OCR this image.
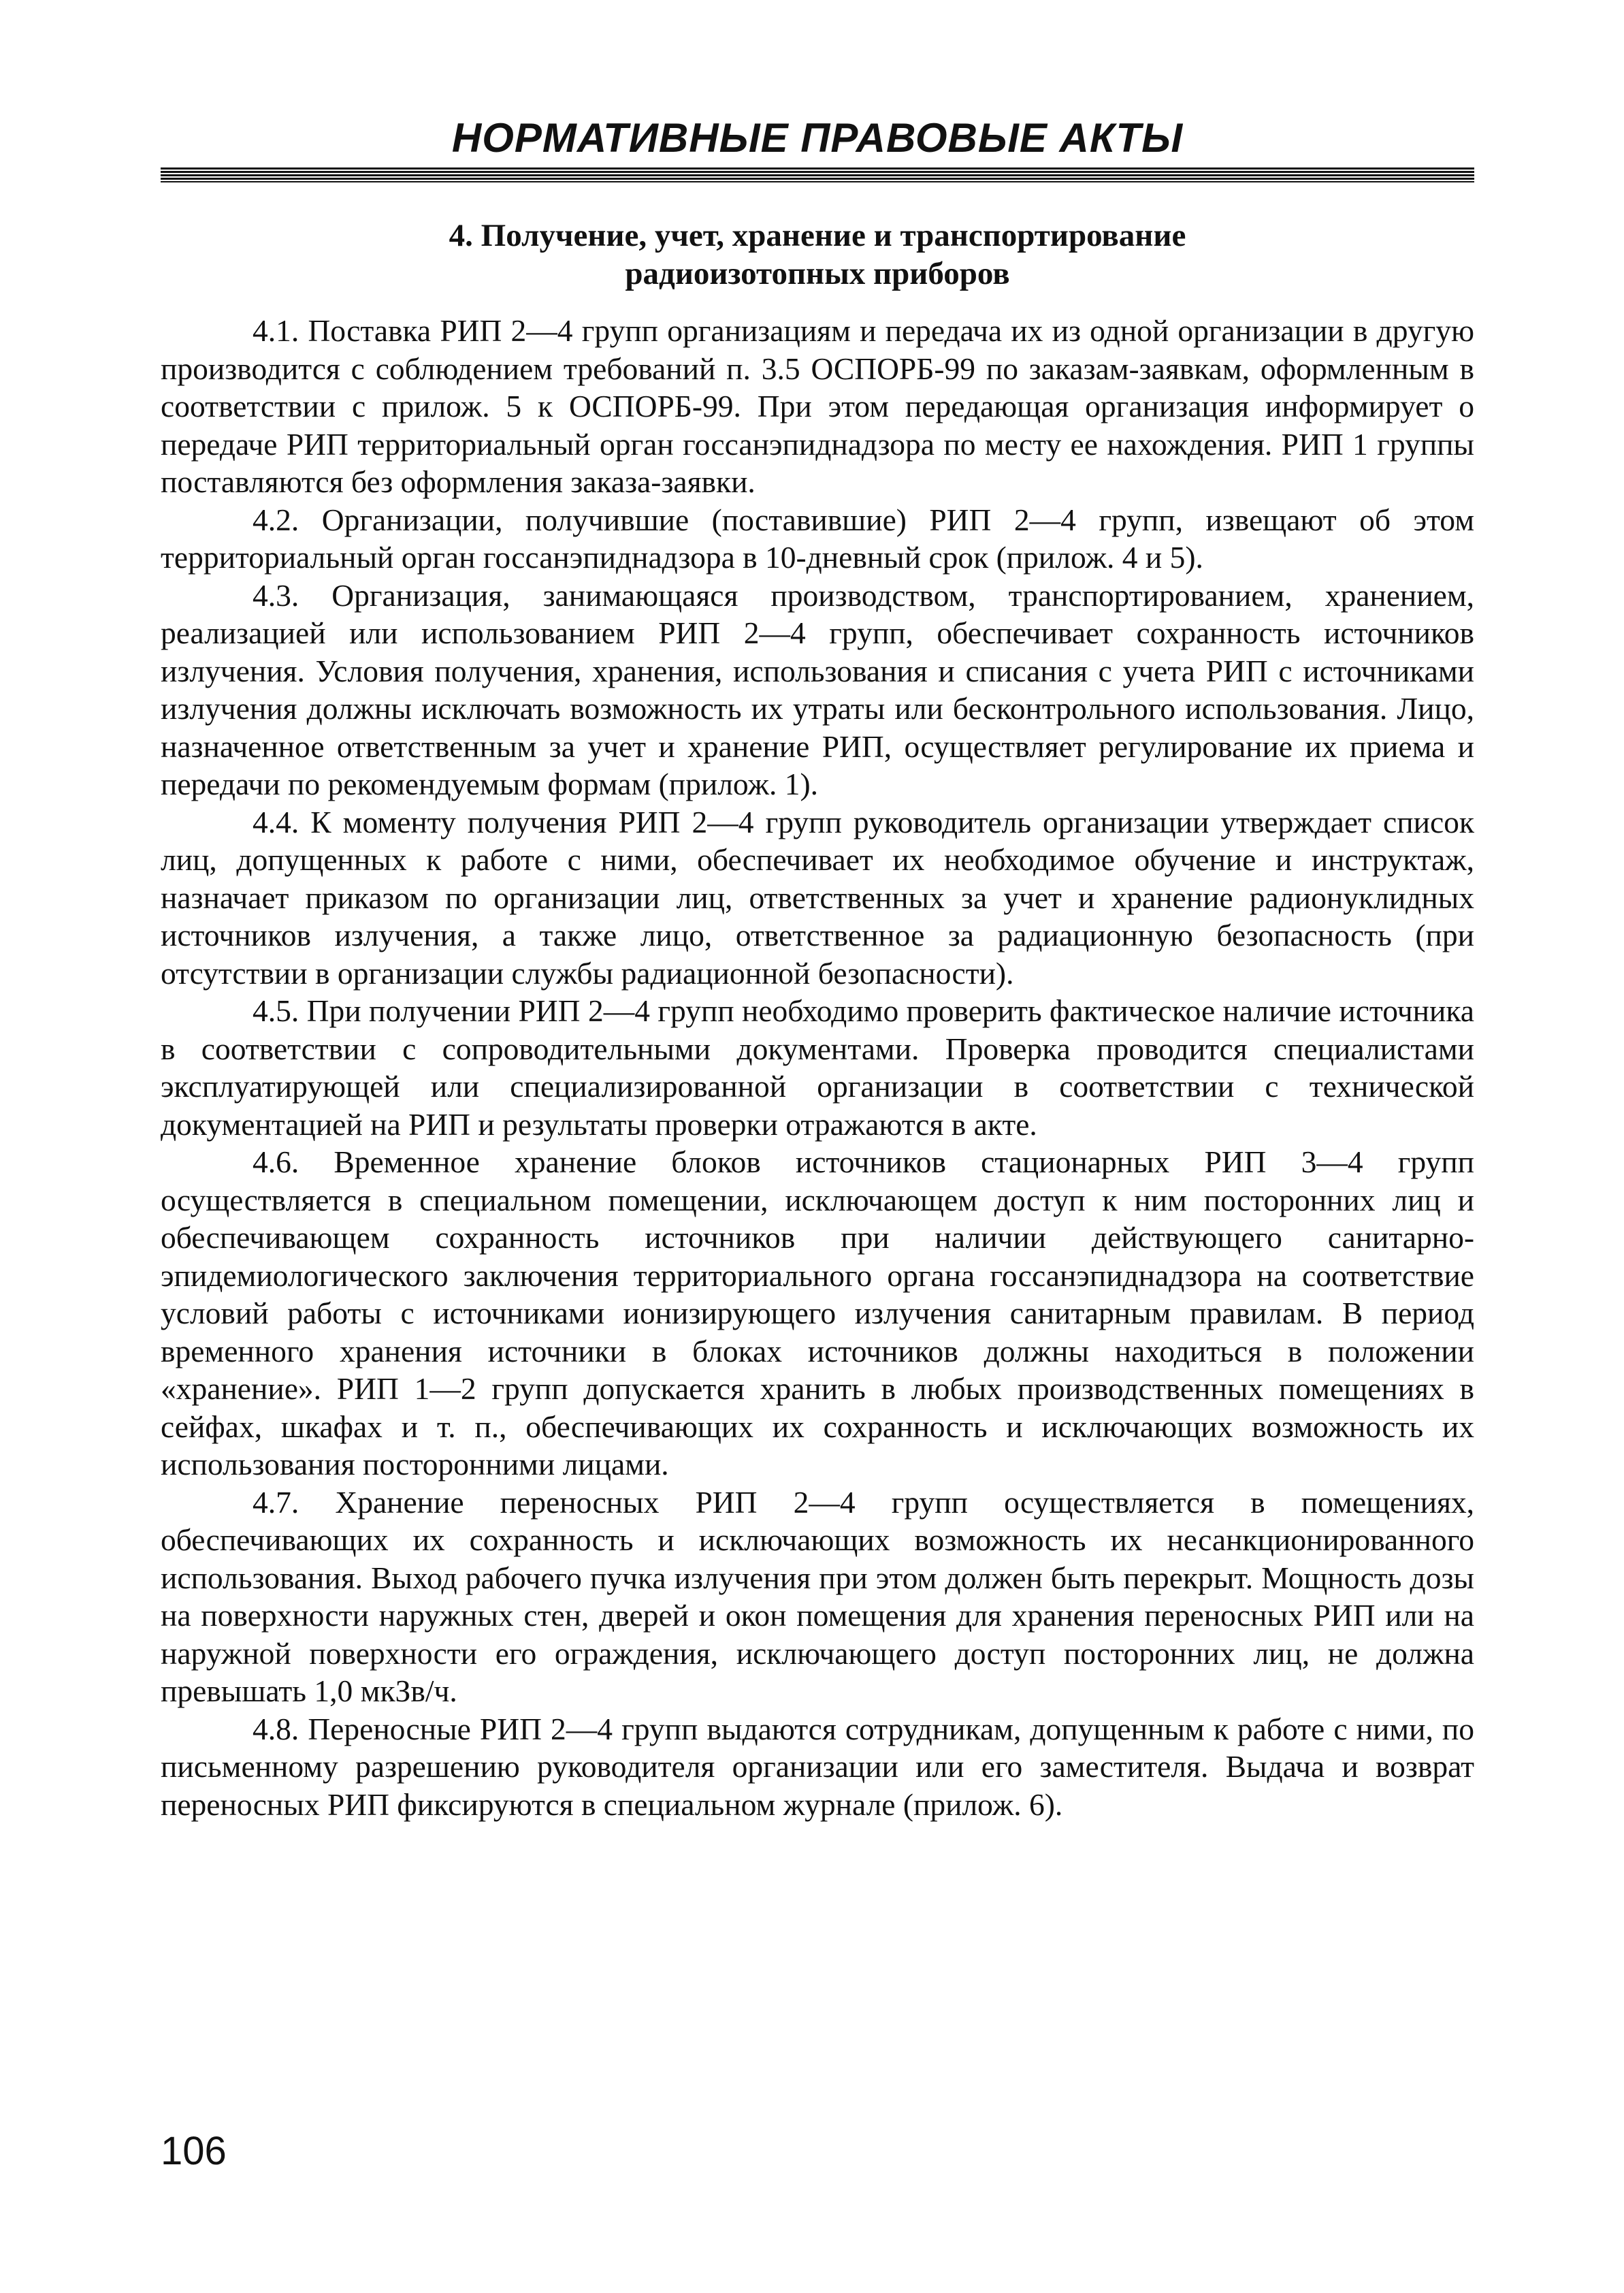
НОРМАТИВНЫЕ ПРАВОВЫЕ АКТЫ
4. Получение, учет, хранение и транспортирование
радиоизотопных приборов

4.1. Поставка РИП 2—4 групп организациям и передача их из одной организации в другую производится с соблюдением требований п. 3.5 ОСПОРБ-99 по заказам-заявкам, оформленным в соответствии с прилож. 5 к ОСПОРБ-99. При этом передающая организация информирует о передаче РИП территориальный орган госсанэпиднадзора по месту ее нахождения. РИП 1 группы поставляются без оформления заказа-заявки.

4.2. Организации, получившие (поставившие) РИП 2—4 групп, извещают об этом территориальный орган госсанэпиднадзора в 10-дневный срок (прилож. 4 и 5).

4.3. Организация, занимающаяся производством, транспортированием, хранением, реализацией или использованием РИП 2—4 групп, обеспечивает сохранность источников излучения. Условия получения, хранения, использования и списания с учета РИП с источниками излучения должны исключать возможность их утраты или бесконтрольного использования. Лицо, назначенное ответственным за учет и хранение РИП, осуществляет регулирование их приема и передачи по рекомендуемым формам (прилож. 1).

4.4. К моменту получения РИП 2—4 групп руководитель организации утверждает список лиц, допущенных к работе с ними, обеспечивает их необходимое обучение и инструктаж, назначает приказом по организации лиц, ответственных за учет и хранение радионуклидных источников излучения, а также лицо, ответственное за радиационную безопасность (при отсутствии в организации службы радиационной безопасности).

4.5. При получении РИП 2—4 групп необходимо проверить фактическое наличие источника в соответствии с сопроводительными документами. Проверка проводится специалистами эксплуатирующей или специализированной организации в соответствии с технической документацией на РИП и результаты проверки отражаются в акте.

4.6. Временное хранение блоков источников стационарных РИП 3—4 групп осуществляется в специальном помещении, исключающем доступ к ним посторонних лиц и обеспечивающем сохранность источников при наличии действующего санитарно-эпидемиологического заключения территориального органа госсанэпиднадзора на соответствие условий работы с источниками ионизирующего излучения санитарным правилам. В период временного хранения источники в блоках источников должны находиться в положении «хранение». РИП 1—2 групп допускается хранить в любых производственных помещениях в сейфах, шкафах и т. п., обеспечивающих их сохранность и исключающих возможность их использования посторонними лицами.

4.7. Хранение переносных РИП 2—4 групп осуществляется в помещениях, обеспечивающих их сохранность и исключающих возможность их несанкционированного использования. Выход рабочего пучка излучения при этом должен быть перекрыт. Мощность дозы на поверхности наружных стен, дверей и окон помещения для хранения переносных РИП или на наружной поверхности его ограждения, исключающего доступ посторонних лиц, не должна превышать 1,0 мкЗв/ч.

4.8. Переносные РИП 2—4 групп выдаются сотрудникам, допущенным к работе с ними, по письменному разрешению руководителя организации или его заместителя. Выдача и возврат переносных РИП фиксируются в специальном журнале (прилож. 6).

106
